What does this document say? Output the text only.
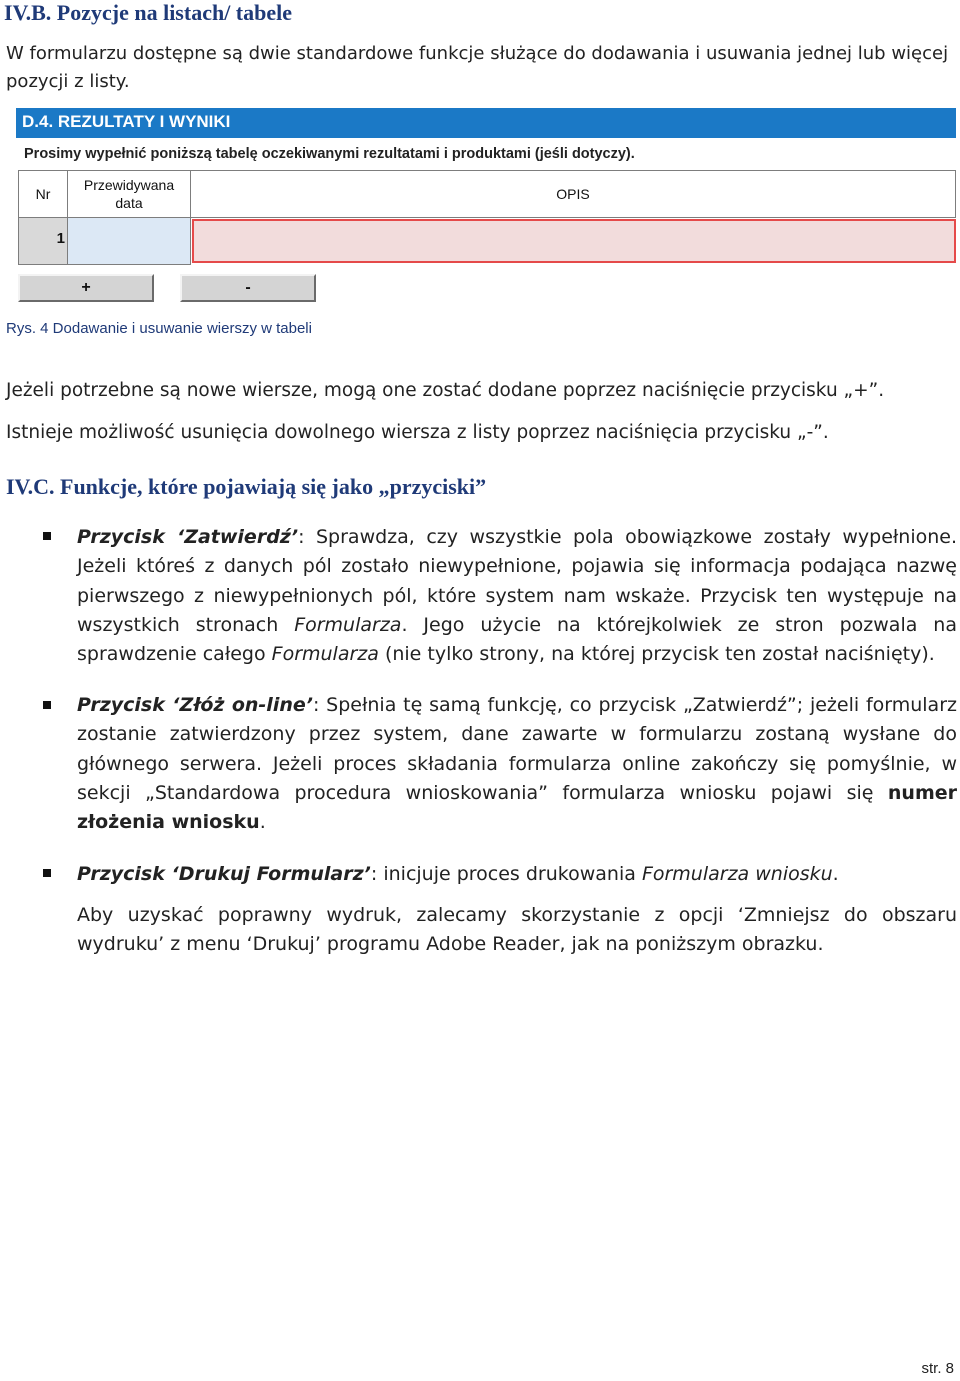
IV.B. Pozycje na listach/ tabele
W formularzu dostępne są dwie standardowe funkcje służące do dodawania i usuwania jednej lub więcej pozycji z listy.
D.4. REZULTATY I WYNIKI
Prosimy wypełnić poniższą tabelę oczekiwanymi rezultatami i produktami (jeśli dotyczy).
Nr
Przewidywana data
OPIS
1
+	-
Rys. 4 Dodawanie i usuwanie wierszy w tabeli
Jeżeli potrzebne są nowe wiersze, mogą one zostać dodane poprzez naciśnięcie przycisku „+”.
Istnieje możliwość usunięcia dowolnego wiersza z listy poprzez naciśnięcia przycisku „-”.
IV.C. Funkcje, które pojawiają się jako „przyciski”
Przycisk ‘Zatwierdź’: Sprawdza, czy wszystkie pola obowiązkowe zostały wypełnione. Jeżeli któreś z danych pól zostało niewypełnione, pojawia się informacja podająca nazwę pierwszego z niewypełnionych pól, które system nam wskaże. Przycisk ten występuje na wszystkich stronach Formularza. Jego użycie na którejkolwiek ze stron pozwala na sprawdzenie całego Formularza (nie tylko strony, na której przycisk ten został naciśnięty).
Przycisk ‘Złóż on-line’: Spełnia tę samą funkcję, co przycisk „Zatwierdź”; jeżeli formularz zostanie zatwierdzony przez system, dane zawarte w formularzu zostaną wysłane do głównego serwera. Jeżeli proces składania formularza online zakończy się pomyślnie, w sekcji „Standardowa procedura wnioskowania” formularza wniosku pojawi się numer złożenia wniosku.
Przycisk ‘Drukuj Formularz’: inicjuje proces drukowania Formularza wniosku.
Aby uzyskać poprawny wydruk, zalecamy skorzystanie z opcji ‘Zmniejsz do obszaru wydruku’ z menu ‘Drukuj’ programu Adobe Reader, jak na poniższym obrazku.
str. 8
